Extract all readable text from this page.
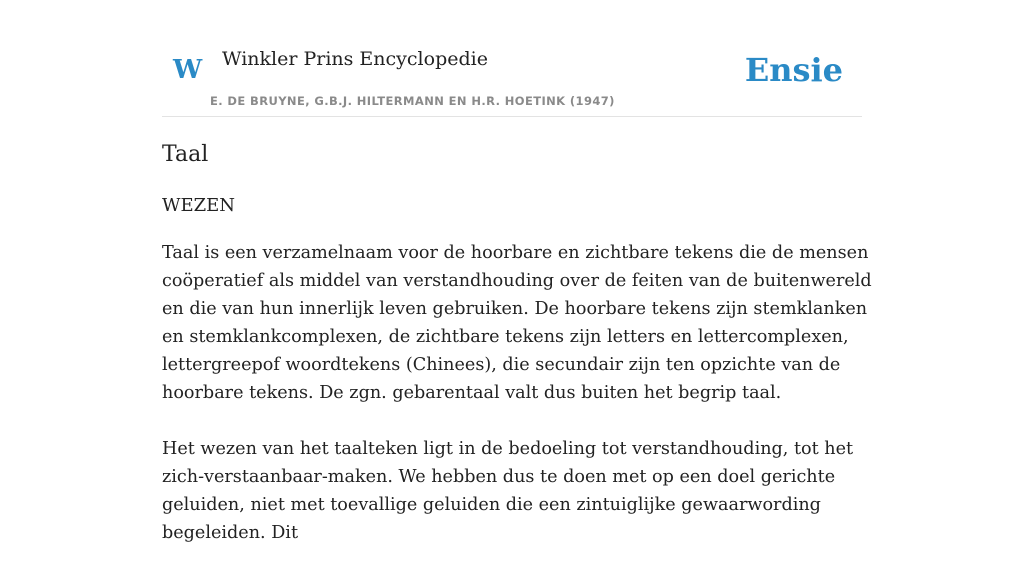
W Winkler Prins Encyclopedie
E. DE BRUYNE, G.B.J. HILTERMANN EN H.R. HOETINK (1947)
Ensie
Taal
WEZEN

Taal is een verzamelnaam voor de hoorbare en zichtbare tekens die de mensen coöperatief als middel van verstandhouding over de feiten van de buitenwereld en die van hun innerlijk leven gebruiken. De hoorbare tekens zijn stemklanken en stemklankcomplexen, de zichtbare tekens zijn letters en lettercomplexen, lettergreepof woordtekens (Chinees), die secundair zijn ten opzichte van de hoorbare tekens. De zgn. gebarentaal valt dus buiten het begrip taal.

Het wezen van het taalteken ligt in de bedoeling tot verstandhouding, tot het zich-verstaanbaar-maken. We hebben dus te doen met op een doel gerichte geluiden, niet met toevallige geluiden die een zintuiglijke gewaarwording begeleiden. Dit
